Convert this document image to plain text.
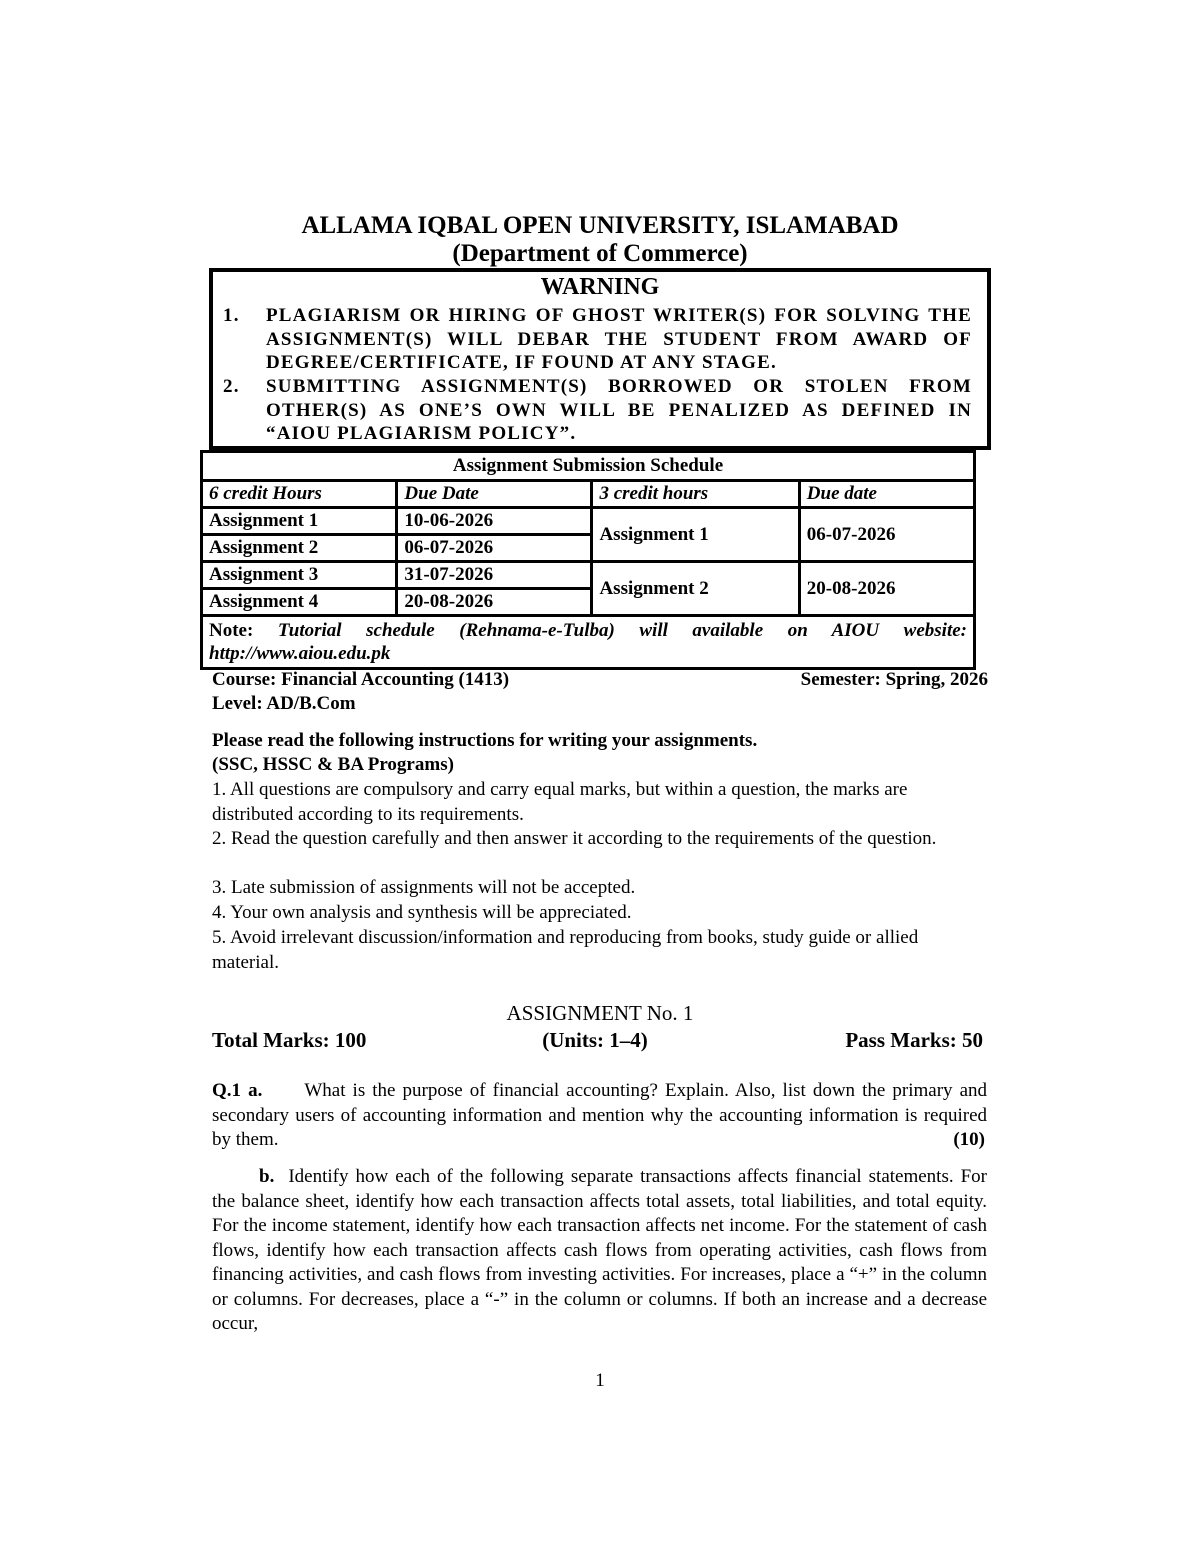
ALLAMA IQBAL OPEN UNIVERSITY, ISLAMABAD
(Department of Commerce)
WARNING
1. PLAGIARISM OR HIRING OF GHOST WRITER(S) FOR SOLVING THE ASSIGNMENT(S) WILL DEBAR THE STUDENT FROM AWARD OF DEGREE/CERTIFICATE, IF FOUND AT ANY STAGE.
2. SUBMITTING ASSIGNMENT(S) BORROWED OR STOLEN FROM OTHER(S) AS ONE’S OWN WILL BE PENALIZED AS DEFINED IN “AIOU PLAGIARISM POLICY”.
Assignment Submission Schedule			
6 credit Hours	Due Date	3 credit hours	Due date
Assignment 1	10-06-2026	Assignment 1	06-07-2026
Assignment 2	06-07-2026		
Assignment 3	31-07-2026	Assignment 2	20-08-2026
Assignment 4	20-08-2026		
Note: Tutorial schedule (Rehnama-e-Tulba) will available on AIOU website: http://www.aiou.edu.pk			
Course: Financial Accounting (1413)	Semester: Spring, 2026
Level: AD/B.Com
Please read the following instructions for writing your assignments.
(SSC, HSSC & BA Programs)
1. All questions are compulsory and carry equal marks, but within a question, the marks are distributed according to its requirements.
2. Read the question carefully and then answer it according to the requirements of the question.
3. Late submission of assignments will not be accepted.
4. Your own analysis and synthesis will be appreciated.
5. Avoid irrelevant discussion/information and reproducing from books, study guide or allied material.
ASSIGNMENT No. 1
Total Marks: 100	(Units: 1–4)	Pass Marks: 50
Q.1 a. What is the purpose of financial accounting? Explain. Also, list down the primary and secondary users of accounting information and mention why the accounting information is required by them.	(10)
b. Identify how each of the following separate transactions affects financial statements. For the balance sheet, identify how each transaction affects total assets, total liabilities, and total equity. For the income statement, identify how each transaction affects net income. For the statement of cash flows, identify how each transaction affects cash flows from operating activities, cash flows from financing activities, and cash flows from investing activities. For increases, place a “+” in the column or columns. For decreases, place a “-” in the column or columns. If both an increase and a decrease occur,
1
